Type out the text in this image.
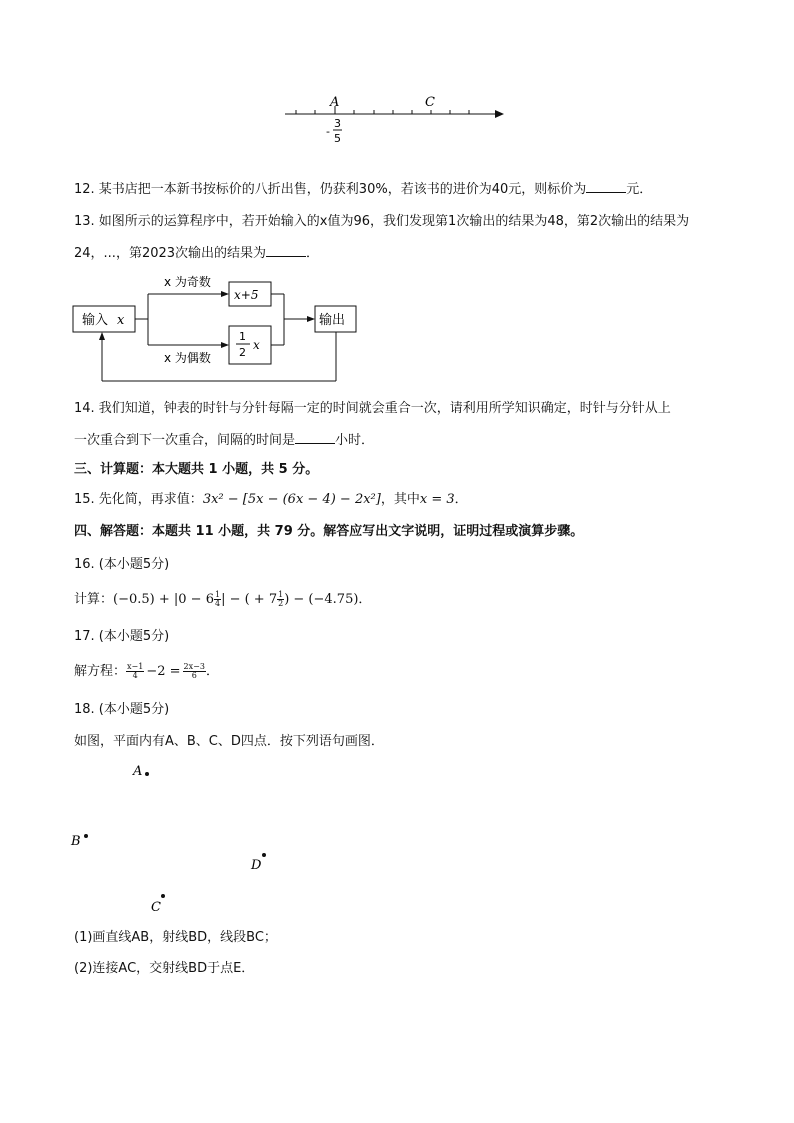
A	C
-
3
5
12. 某书店把一本新书按标价的八折出售，仍获利30%，若该书的进价为40元，则标价为	元．
13. 如图所示的运算程序中，若开始输入的x值为96，我们发现第1次输出的结果为48，第2次输出的结果为
24，...，第2023次输出的结果为	．
输入 x
x 为奇数
x 为偶数
x+5
1
2
x
输出
14. 我们知道，钟表的时针与分针每隔一定的时间就会重合一次，请利用所学知识确定，时针与分针从上
一次重合到下一次重合，间隔的时间是	小时．
三、计算题：本大题共 1 小题，共 5 分。
15. 先化简，再求值：3x² − [5x − (6x − 4) − 2x²]，其中x = 3．
四、解答题：本题共 11 小题，共 79 分。解答应写出文字说明，证明过程或演算步骤。
16. (本小题5分)
计算：$(-0.5) + |0 - 6 \frac{1}{4}$ | − ( + $7 \frac{1}{2}$ ) − (−4.75)．
17. (本小题5分)
解方程： $\frac{x-1}{4} -2 = \frac{2x-3}{6}$ ．
18. (本小题5分)
如图，平面内有A、B、C、D四点．按下列语句画图．
A
B
D
C
(1)画直线AB，射线BD，线段BC；
(2)连接AC，交射线BD于点E．
